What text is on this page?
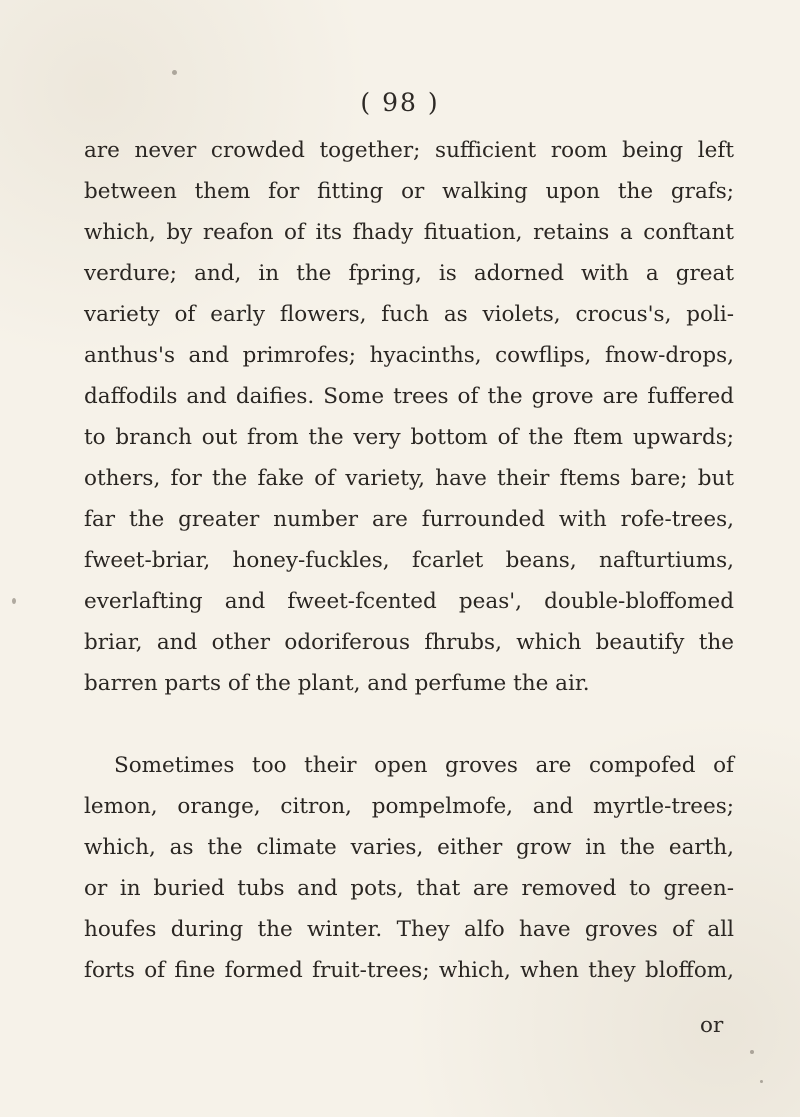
( 98 )
are never crowded together; sufficient room being left
between them for fitting or walking upon the grafs;
which, by reafon of its fhady fituation, retains a conftant
verdure; and, in the fpring, is adorned with a great
variety of early flowers, fuch as violets, crocus's, poli-
anthus's and primrofes; hyacinths, cowflips, fnow-drops,
daffodils and daifies. Some trees of the grove are fuffered
to branch out from the very bottom of the ftem upwards;
others, for the fake of variety, have their ftems bare; but
far the greater number are furrounded with rofe-trees,
fweet-briar, honey-fuckles, fcarlet beans, nafturtiums,
everlafting and fweet-fcented peas', double-bloffomed
briar, and other odoriferous fhrubs, which beautify the
barren parts of the plant, and perfume the air.
Sometimes too their open groves are compofed of
lemon, orange, citron, pompelmofe, and myrtle-trees;
which, as the climate varies, either grow in the earth,
or in buried tubs and pots, that are removed to green-
houfes during the winter. They alfo have groves of all
forts of fine formed fruit-trees; which, when they bloffom,
or
